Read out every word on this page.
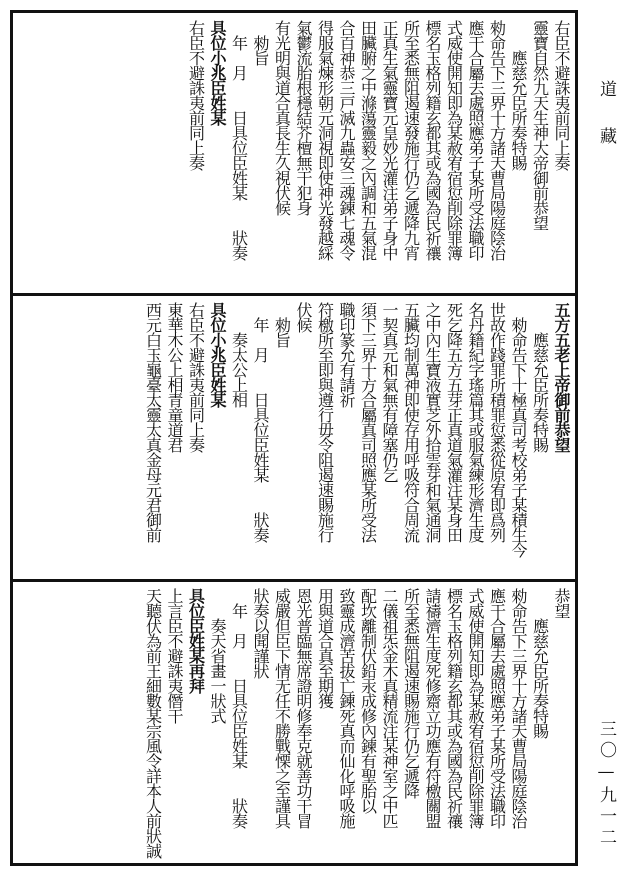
右臣不避誅夷前同上奏
靈寶自然九天生神大帝御前恭望
　　應慈允臣所奏特賜
勑命告下三界十方諸天曹局陽庭陰治
應干合屬去處照應弟子某所受法職印
式威使開知即為某赦宥宿愆削除罪簿
標名玉格列籍玄都其或為國為民祈禳
所至悉無阻遏速發施行仍乞遞降九宵
正真生氣靈寶元皇妙光灌注弟子身中
田臟腑之中滌蕩靈毅之內調和五氣混
合百神恭三戸滅九蟲安三魂鍊七魂令
得服氣煉形朝元洞視即使神光發越綵
氣鬱流胎根穩結芥檀無干犯身
有光明與道合真長生久視伏候
　勑旨
　年　月　　日具位臣姓某　　狀奏
具位小兆臣姓某
右臣不避誅夷前同上奏
五方五老上帝御前恭望
　　應慈允臣所奏特賜
　勑命告下十極真司考校弟子某積生今
世故作踐罪所積罪愆悉從原宥即爲列
名丹籍紀字瑤篇其或服氣練形濟生度
死乞降五方五芽正真道氣灌注某身田
之中內生寶液實芝外拾雲芽和氣通洞
五臟均制萬神即使存用呼吸符合周流
一契真元和氣無有障塞仍乞
須下三界十方合屬真司照應某所受法
職印篆允有請祈
符檄所至即與遵行毋令阻遏速賜施行
伏候
　勑旨
　年　月　　日具位臣姓某　　狀奏
　　奏太公上相
具位小兆臣姓某
右臣不避誅夷前同上奏
東華木公上相青童道君
西元白玉龜臺太靈太真金母元君御前
恭望
　　應慈允臣所奏特賜
勑命告下三界十方諸天曹局陽庭陰治
應干合屬去處照應弟子某所受法職印
式威使開知即為某赦宥宿愆削除罪簿
標名玉格列籍玄都其或為國為民祈禳
請禱濟生度死修齋立功應有符檄關盟
所至悉無阻遏速賜施行仍乞遞降
二儀祖炁金木真精流注某神室之中匹
配坎離制伏鉛汞成修內鍊有聖胎以
致靈成濟苦拔亡鍊死真而仙化呼吸施
用與道合真至期獲
恩光普臨無席證明修奉克就善功干冒
威嚴但臣下情无任不勝戰慄之至謹具
狀奏以聞謹狀
　年　月　　日具位臣姓某　　狀奏
　　奏天省畫一狀式
具位臣姓某再拜
上言臣不避誅夷僭干
天聽伏為前王細數某宗風令詳本人前狀誠
道藏
三〇—九一二
